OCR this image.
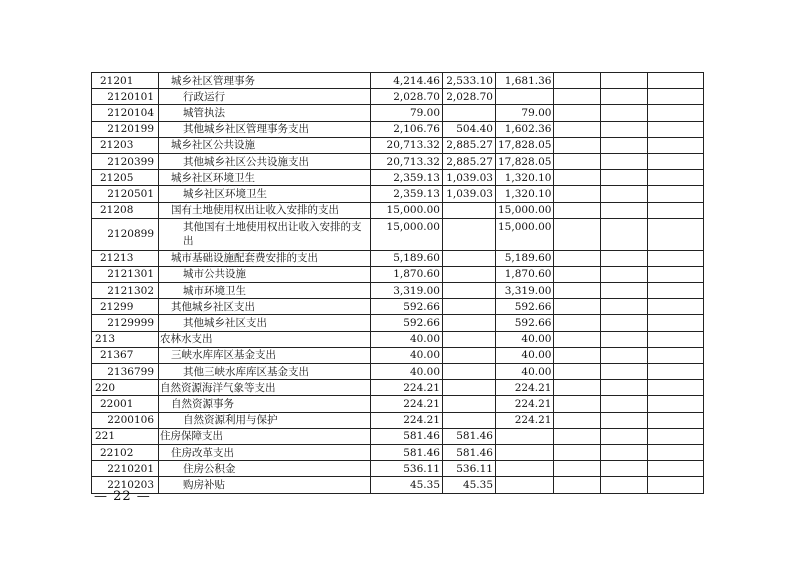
21201	城乡社区管理事务	4,214.46	2,533.10	1,681.36			
2120101	行政运行	2,028.70	2,028.70				
2120104	城管执法	79.00		79.00			
2120199	其他城乡社区管理事务支出	2,106.76	504.40	1,602.36			
21203	城乡社区公共设施	20,713.32	2,885.27	17,828.05			
2120399	其他城乡社区公共设施支出	20,713.32	2,885.27	17,828.05			
21205	城乡社区环境卫生	2,359.13	1,039.03	1,320.10			
2120501	城乡社区环境卫生	2,359.13	1,039.03	1,320.10			
21208	国有土地使用权出让收入安排的支出	15,000.00		15,000.00			
2120899	其他国有土地使用权出让收入安排的支出	15,000.00		15,000.00			
21213	城市基础设施配套费安排的支出	5,189.60		5,189.60			
2121301	城市公共设施	1,870.60		1,870.60			
2121302	城市环境卫生	3,319.00		3,319.00			
21299	其他城乡社区支出	592.66		592.66			
2129999	其他城乡社区支出	592.66		592.66			
213	农林水支出	40.00		40.00			
21367	三峡水库库区基金支出	40.00		40.00			
2136799	其他三峡水库库区基金支出	40.00		40.00			
220	自然资源海洋气象等支出	224.21		224.21			
22001	自然资源事务	224.21		224.21			
2200106	自然资源利用与保护	224.21		224.21			
221	住房保障支出	581.46	581.46				
22102	住房改革支出	581.46	581.46				
2210201	住房公积金	536.11	536.11				
2210203	购房补贴	45.35	45.35				
— 22 —
